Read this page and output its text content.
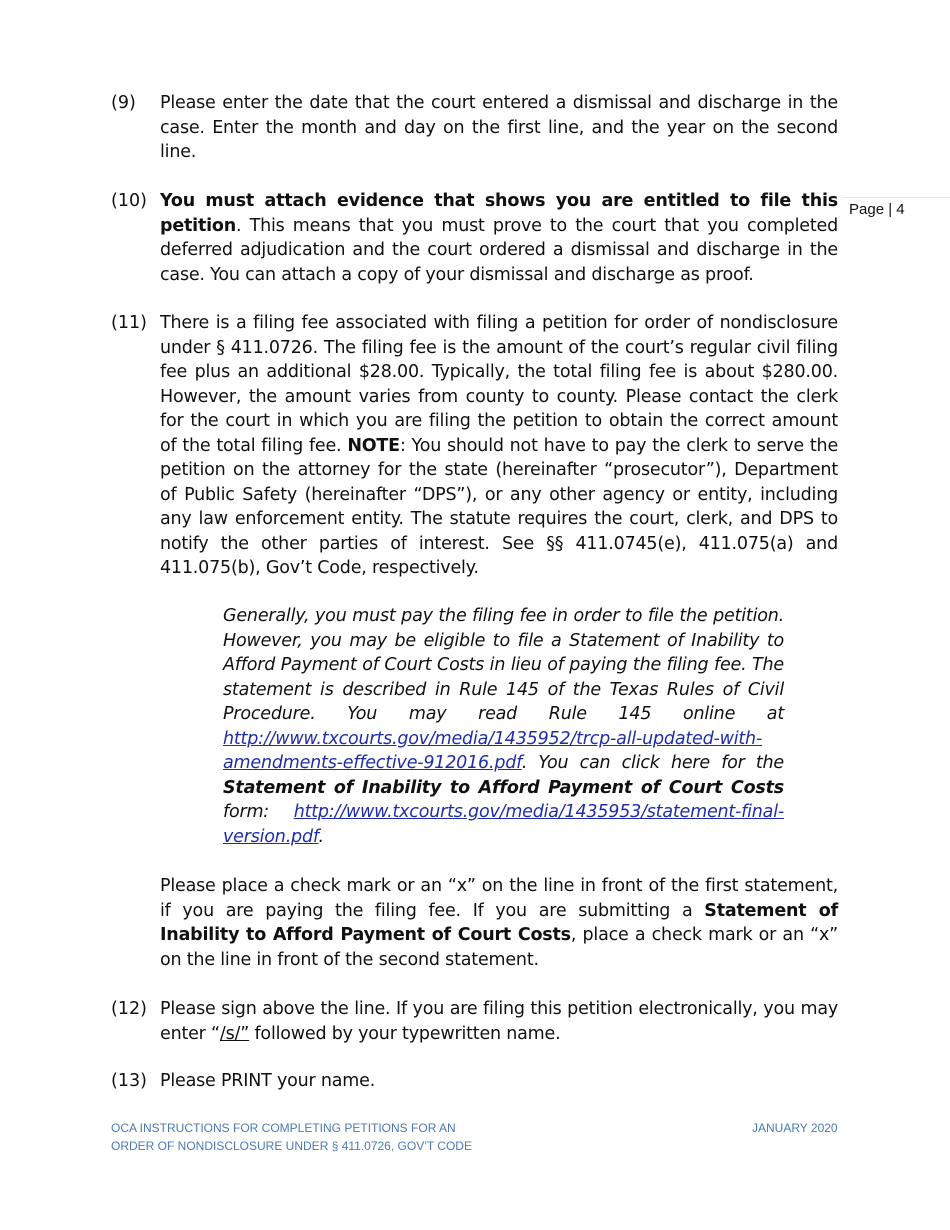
Page | 4
(9) Please enter the date that the court entered a dismissal and discharge in the case. Enter the month and day on the first line, and the year on the second line.
(10) You must attach evidence that shows you are entitled to file this petition. This means that you must prove to the court that you completed deferred adjudication and the court ordered a dismissal and discharge in the case. You can attach a copy of your dismissal and discharge as proof.
(11) There is a filing fee associated with filing a petition for order of nondisclosure under § 411.0726. The filing fee is the amount of the court’s regular civil filing fee plus an additional $28.00. Typically, the total filing fee is about $280.00. However, the amount varies from county to county. Please contact the clerk for the court in which you are filing the petition to obtain the correct amount of the total filing fee. NOTE: You should not have to pay the clerk to serve the petition on the attorney for the state (hereinafter “prosecutor”), Department of Public Safety (hereinafter “DPS”), or any other agency or entity, including any law enforcement entity. The statute requires the court, clerk, and DPS to notify the other parties of interest. See §§ 411.0745(e), 411.075(a) and 411.075(b), Gov’t Code, respectively.
Generally, you must pay the filing fee in order to file the petition. However, you may be eligible to file a Statement of Inability to Afford Payment of Court Costs in lieu of paying the filing fee. The statement is described in Rule 145 of the Texas Rules of Civil Procedure. You may read Rule 145 online at http://www.txcourts.gov/media/1435952/trcp-all-updated-with-amendments-effective-912016.pdf. You can click here for the Statement of Inability to Afford Payment of Court Costs form: http://www.txcourts.gov/media/1435953/statement-final-version.pdf.
Please place a check mark or an “x” on the line in front of the first statement, if you are paying the filing fee. If you are submitting a Statement of Inability to Afford Payment of Court Costs, place a check mark or an “x” on the line in front of the second statement.
(12) Please sign above the line. If you are filing this petition electronically, you may enter “/s/” followed by your typewritten name.
(13) Please PRINT your name.
OCA INSTRUCTIONS FOR COMPLETING PETITIONS FOR AN
ORDER OF NONDISCLOSURE UNDER § 411.0726, GOV’T CODE
JANUARY 2020
